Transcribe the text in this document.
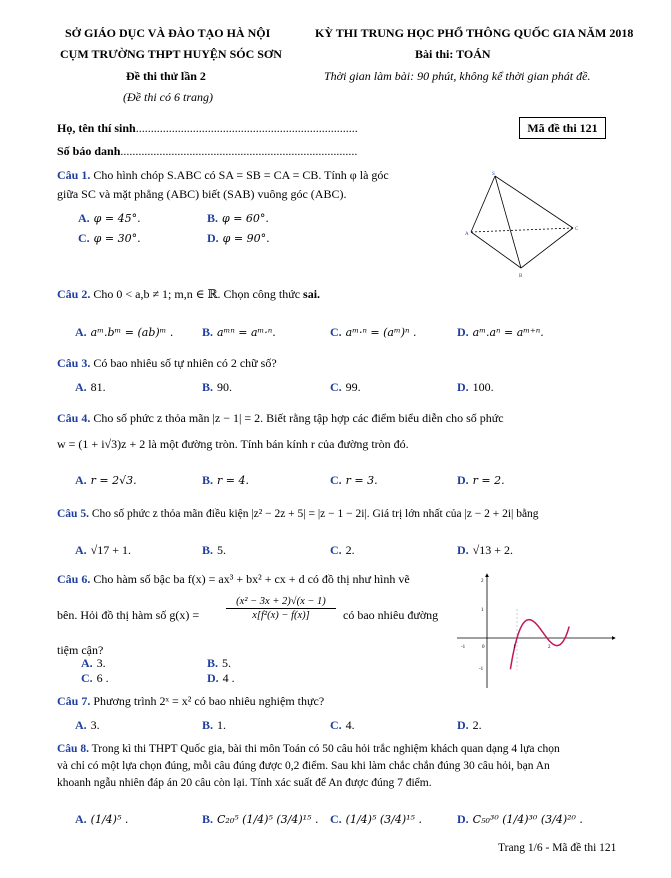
SỞ GIÁO DỤC VÀ ĐÀO TẠO HÀ NỘI
CỤM TRƯỜNG THPT HUYỆN SÓC SƠN
Đề thi thử lần 2
(Đề thi có 6 trang)
KỲ THI TRUNG HỌC PHỔ THÔNG QUỐC GIA NĂM 2018
Bài thi: TOÁN
Thời gian làm bài: 90 phút, không kể thời gian phát đề.
Họ, tên thí sinh..........................................................................
Số báo danh...............................................................................
Mã đề thi 121
Câu 1. Cho hình chóp S.ABC có SA = SB = CA = CB. Tính φ là góc
giữa SC và mặt phẳng (ABC) biết (SAB) vuông góc (ABC).
A. φ = 45°.	B. φ = 60°.
C. φ = 30°.	D. φ = 90°.
S
A
B
C
Câu 2. Cho 0 < a,b ≠ 1; m,n ∈ ℝ. Chọn công thức sai.
A. aᵐ.bᵐ = (ab)ᵐ . B. aᵐⁿ = aᵐ·ⁿ.	C. aᵐ·ⁿ = (aᵐ)ⁿ .	D. aᵐ.aⁿ = aᵐ⁺ⁿ.
Câu 3. Có bao nhiêu số tự nhiên có 2 chữ số?
A. 81.	B. 90.	C. 99.	D. 100.
Câu 4. Cho số phức z thỏa mãn |z − 1| = 2. Biết rằng tập hợp các điểm biểu diễn cho số phức
w = (1 + i√3)z + 2 là một đường tròn. Tính bán kính r của đường tròn đó.
A. r = 2√3.	B. r = 4.	C. r = 3.	D. r = 2.
Câu 5. Cho số phức z thỏa mãn điều kiện |z² − 2z + 5| = |z − 1 − 2i|. Giá trị lớn nhất của |z − 2 + 2i| bằng
A. √17 + 1.	B. 5.	C. 2.	D. √13 + 2.
Câu 6. Cho hàm số bậc ba f(x) = ax³ + bx² + cx + d có đồ thị như hình vẽ
bên. Hỏi đồ thị hàm số g(x) =	$\frac{\text{(x² − 3x + 2)√(x − 1)}}{\text{x[f²(x) − f(x)]}}$ có bao nhiêu đường
tiệm cận?
A. 3.	B. 5.
C. 6 .	D. 4 .
-1	0	1	2
2
1
-1
Câu 7. Phương trình 2ˣ = x² có bao nhiêu nghiệm thực?
A. 3.	B. 1.	C. 4.	D. 2.
Câu 8. Trong kì thi THPT Quốc gia, bài thi môn Toán có 50 câu hỏi trắc nghiệm khách quan dạng 4 lựa chọn
và chỉ có một lựa chọn đúng, mỗi câu đúng được 0,2 điểm. Sau khi làm chắc chắn đúng 30 câu hỏi, bạn An
khoanh ngẫu nhiên đáp án 20 câu còn lại. Tính xác suất để An được đúng 7 điểm.
A. (1/4)⁵ .	B. C₂₀⁵ (1/4)⁵ (3/4)¹⁵ . C. (1/4)⁵ (3/4)¹⁵ .	D. C₅₀³⁰ (1/4)³⁰ (3/4)²⁰ .
Trang 1/6 - Mã đề thi 121
